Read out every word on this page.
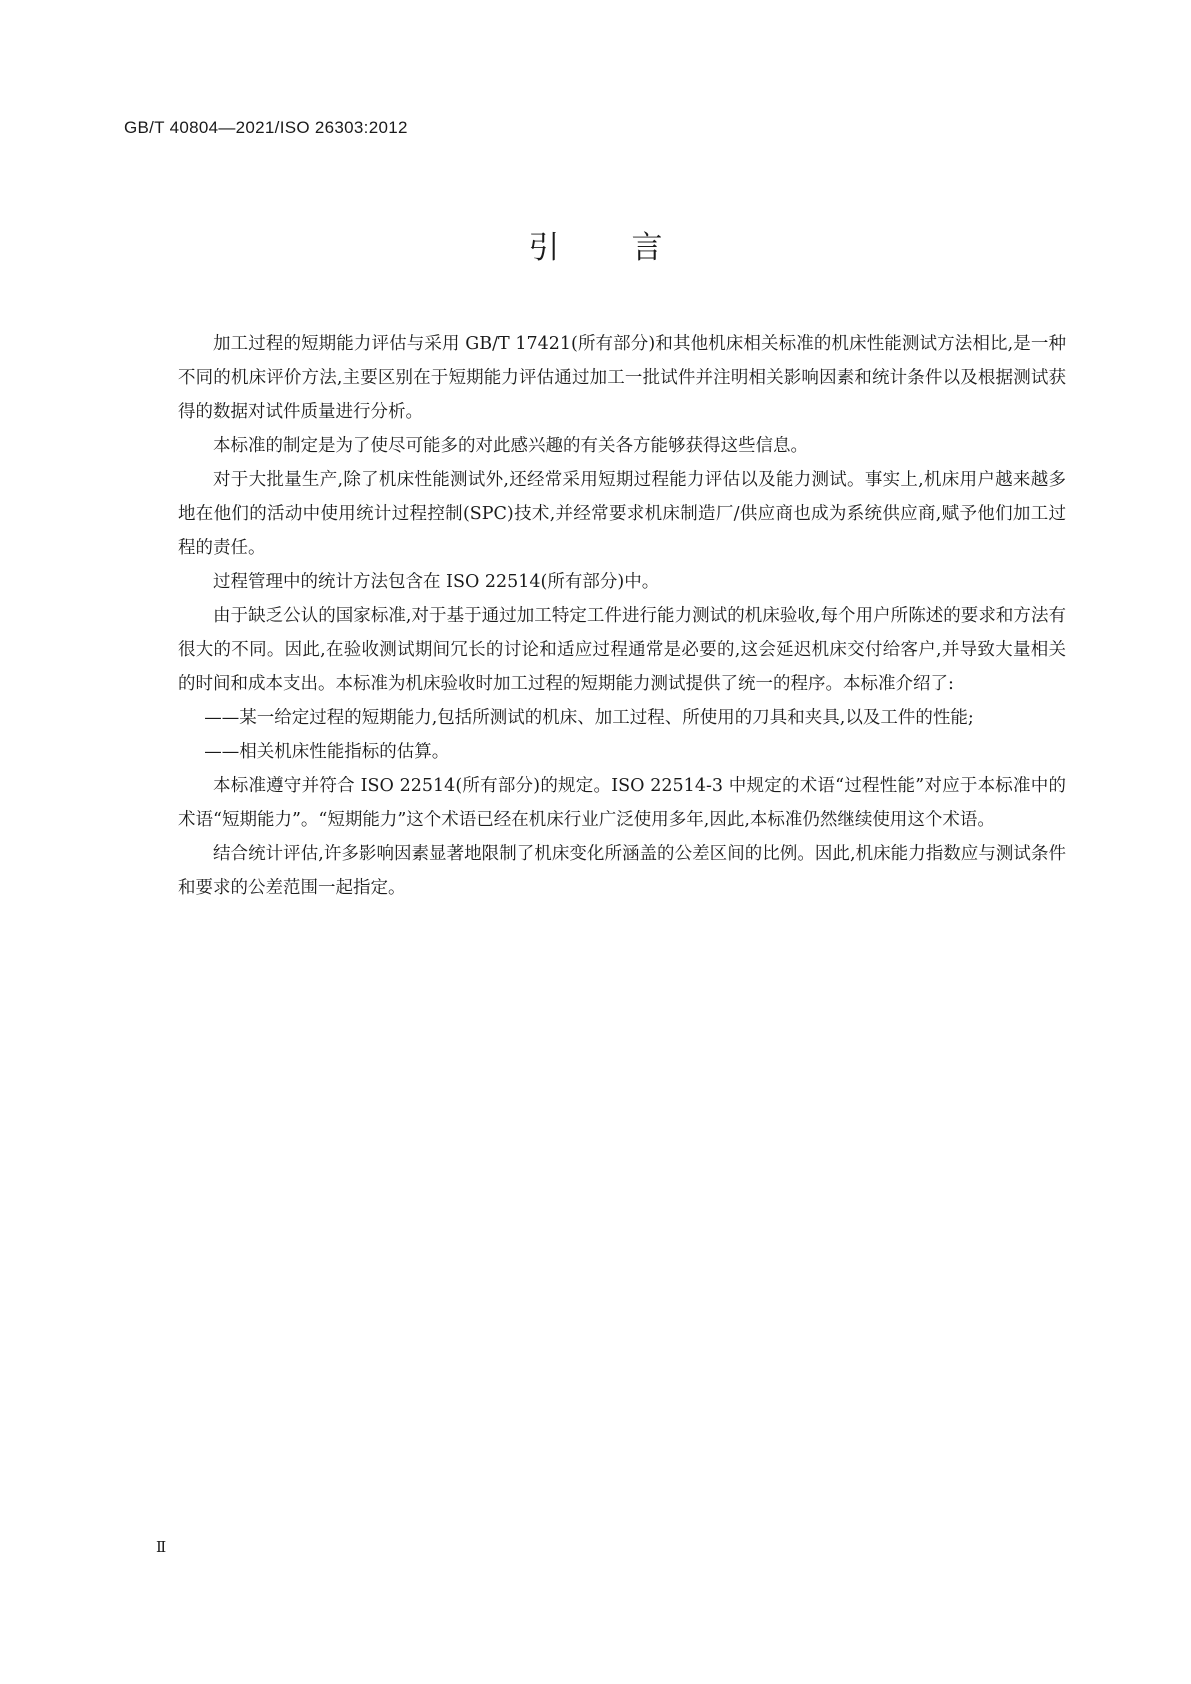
GB/T 40804—2021/ISO 26303:2012
引 言

加工过程的短期能力评估与采用 GB/T 17421(所有部分)和其他机床相关标准的机床性能测试方法相比,是一种不同的机床评价方法,主要区别在于短期能力评估通过加工一批试件并注明相关影响因素和统计条件以及根据测试获得的数据对试件质量进行分析。

本标准的制定是为了使尽可能多的对此感兴趣的有关各方能够获得这些信息。

对于大批量生产,除了机床性能测试外,还经常采用短期过程能力评估以及能力测试。事实上,机床用户越来越多地在他们的活动中使用统计过程控制(SPC)技术,并经常要求机床制造厂/供应商也成为系统供应商,赋予他们加工过程的责任。

过程管理中的统计方法包含在 ISO 22514(所有部分)中。

由于缺乏公认的国家标准,对于基于通过加工特定工件进行能力测试的机床验收,每个用户所陈述的要求和方法有很大的不同。因此,在验收测试期间冗长的讨论和适应过程通常是必要的,这会延迟机床交付给客户,并导致大量相关的时间和成本支出。本标准为机床验收时加工过程的短期能力测试提供了统一的程序。本标准介绍了:

——某一给定过程的短期能力,包括所测试的机床、加工过程、所使用的刀具和夹具,以及工件的性能;

——相关机床性能指标的估算。

本标准遵守并符合 ISO 22514(所有部分)的规定。ISO 22514-3 中规定的术语“过程性能”对应于本标准中的术语“短期能力”。“短期能力”这个术语已经在机床行业广泛使用多年,因此,本标准仍然继续使用这个术语。

结合统计评估,许多影响因素显著地限制了机床变化所涵盖的公差区间的比例。因此,机床能力指数应与测试条件和要求的公差范围一起指定。

Ⅱ
